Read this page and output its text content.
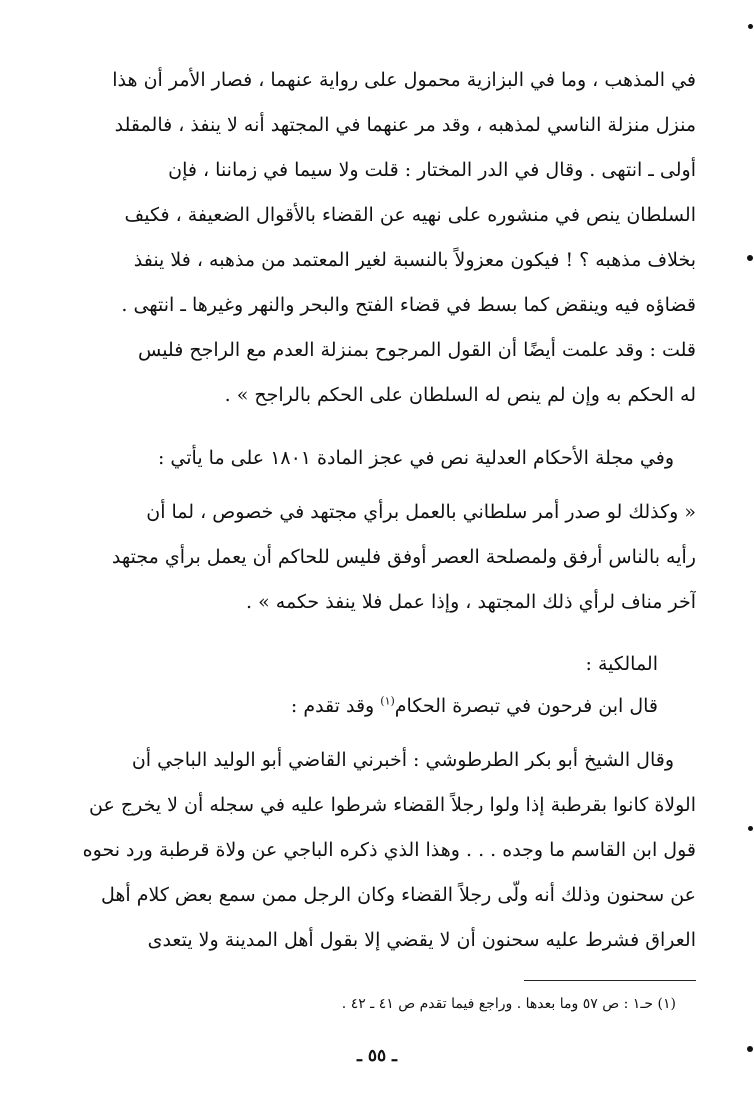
في المذهب ، وما في البزازية محمول على رواية عنهما ، فصار الأمر أن هذا
منزل منزلة الناسي لمذهبه ، وقد مر عنهما في المجتهد أنه لا ينفذ ، فالمقلد
أولى ـ انتهى . وقال في الدر المختار : قلت ولا سيما في زماننا ، فإن
السلطان ينص في منشوره على نهيه عن القضاء بالأقوال الضعيفة ، فكيف
بخلاف مذهبه ؟ ! فيكون معزولاً بالنسبة لغير المعتمد من مذهبه ، فلا ينفذ
قضاؤه فيه وينقض كما بسط في قضاء الفتح والبحر والنهر وغيرها ـ انتهى .
قلت : وقد علمت أيضًا أن القول المرجوح بمنزلة العدم مع الراجح فليس
له الحكم به وإن لم ينص له السلطان على الحكم بالراجح » .
وفي مجلة الأحكام العدلية نص في عجز المادة ١٨٠١ على ما يأتي :
« وكذلك لو صدر أمر سلطاني بالعمل برأي مجتهد في خصوص ، لما أن
رأيه بالناس أرفق ولمصلحة العصر أوفق فليس للحاكم أن يعمل برأي مجتهد
آخر مناف لرأي ذلك المجتهد ، وإذا عمل فلا ينفذ حكمه » .
المالكية :
قال ابن فرحون في تبصرة الحكام$^{(١)}$ وقد تقدم :
وقال الشيخ أبو بكر الطرطوشي : أخبرني القاضي أبو الوليد الباجي أن
الولاة كانوا بقرطبة إذا ولوا رجلاً القضاء شرطوا عليه في سجله أن لا يخرج عن
قول ابن القاسم ما وجده . . . وهذا الذي ذكره الباجي عن ولاة قرطبة ورد نحوه
عن سحنون وذلك أنه ولّى رجلاً القضاء وكان الرجل ممن سمع بعض كلام أهل
العراق فشرط عليه سحنون أن لا يقضي إلا بقول أهل المدينة ولا يتعدى
(١) حـ١ : ص ٥٧ وما بعدها . وراجع فيما تقدم ص ٤١ ـ ٤٢ .
ـ ٥٥ ـ
